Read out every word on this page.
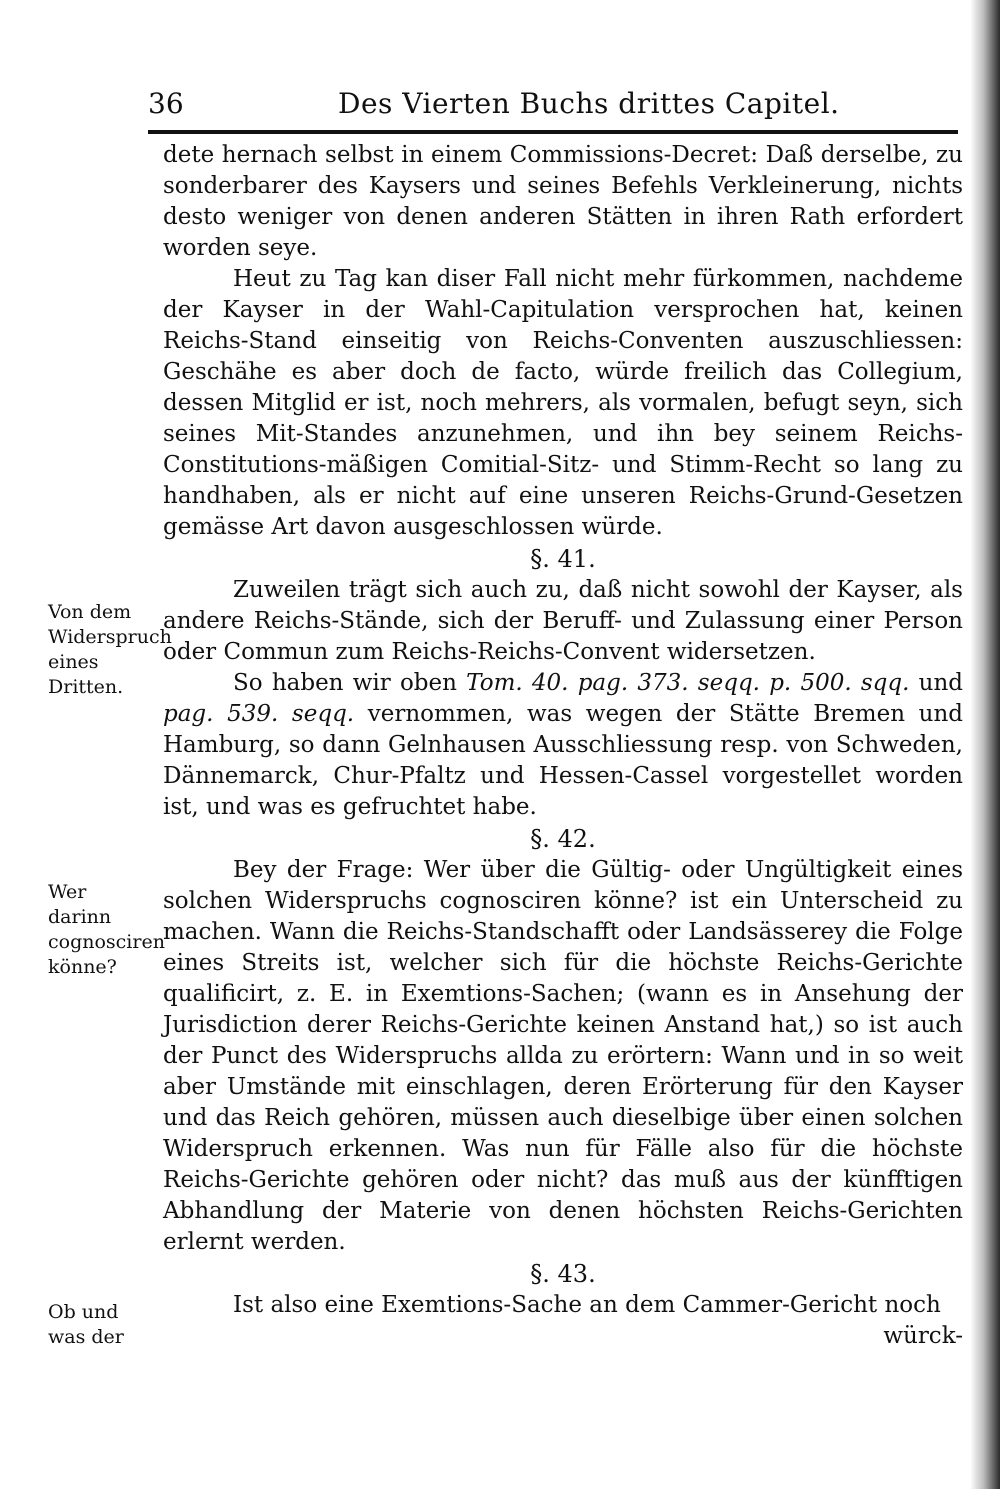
36	Des Vierten Buchs drittes Capitel.

dete hernach selbst in einem Commissions-Decret: Daß derselbe, zu sonderbarer des Kaysers und seines Befehls Verkleinerung, nichts desto weniger von denen anderen Stätten in ihren Rath erfordert worden seye.

Heut zu Tag kan diser Fall nicht mehr fürkommen, nachdeme der Kayser in der Wahl-Capitulation versprochen hat, keinen Reichs-Stand einseitig von Reichs-Conventen auszuschliessen: Geschähe es aber doch de facto, würde freilich das Collegium, dessen Mitglid er ist, noch mehrers, als vormalen, befugt seyn, sich seines Mit-Standes anzunehmen, und ihn bey seinem Reichs-Constitutions-mäßigen Comitial-Sitz- und Stimm-Recht so lang zu handhaben, als er nicht auf eine unseren Reichs-Grund-Gesetzen gemässe Art davon ausgeschlossen würde.

§. 41.

Zuweilen trägt sich auch zu, daß nicht sowohl der Kayser, als andere Reichs-Stände, sich der Beruff- und Zulassung einer Person oder Commun zum Reichs-Reichs-Convent widersetzen.

So haben wir oben Tom. 40. pag. 373. seqq. p. 500. sqq. und pag. 539. seqq. vernommen, was wegen der Stätte Bremen und Hamburg, so dann Gelnhausen Ausschliessung resp. von Schweden, Dännemarck, Chur-Pfaltz und Hessen-Cassel vorgestellet worden ist, und was es gefruchtet habe.

§. 42.

Bey der Frage: Wer über die Gültig- oder Ungültigkeit eines solchen Widerspruchs cognosciren könne? ist ein Unterscheid zu machen. Wann die Reichs-Standschafft oder Landsässerey die Folge eines Streits ist, welcher sich für die höchste Reichs-Gerichte qualificirt, z. E. in Exemtions-Sachen; (wann es in Ansehung der Jurisdiction derer Reichs-Gerichte keinen Anstand hat,) so ist auch der Punct des Widerspruchs allda zu erörtern: Wann und in so weit aber Umstände mit einschlagen, deren Erörterung für den Kayser und das Reich gehören, müssen auch dieselbige über einen solchen Widerspruch erkennen. Was nun für Fälle also für die höchste Reichs-Gerichte gehören oder nicht? das muß aus der künfftigen Abhandlung der Materie von denen höchsten Reichs-Gerichten erlernt werden.

§. 43.

Ist also eine Exemtions-Sache an dem Cammer-Gericht noch

würck-

Von dem Widerspruch eines Dritten.
Wer darinn cognosciren könne?
Ob und was der
